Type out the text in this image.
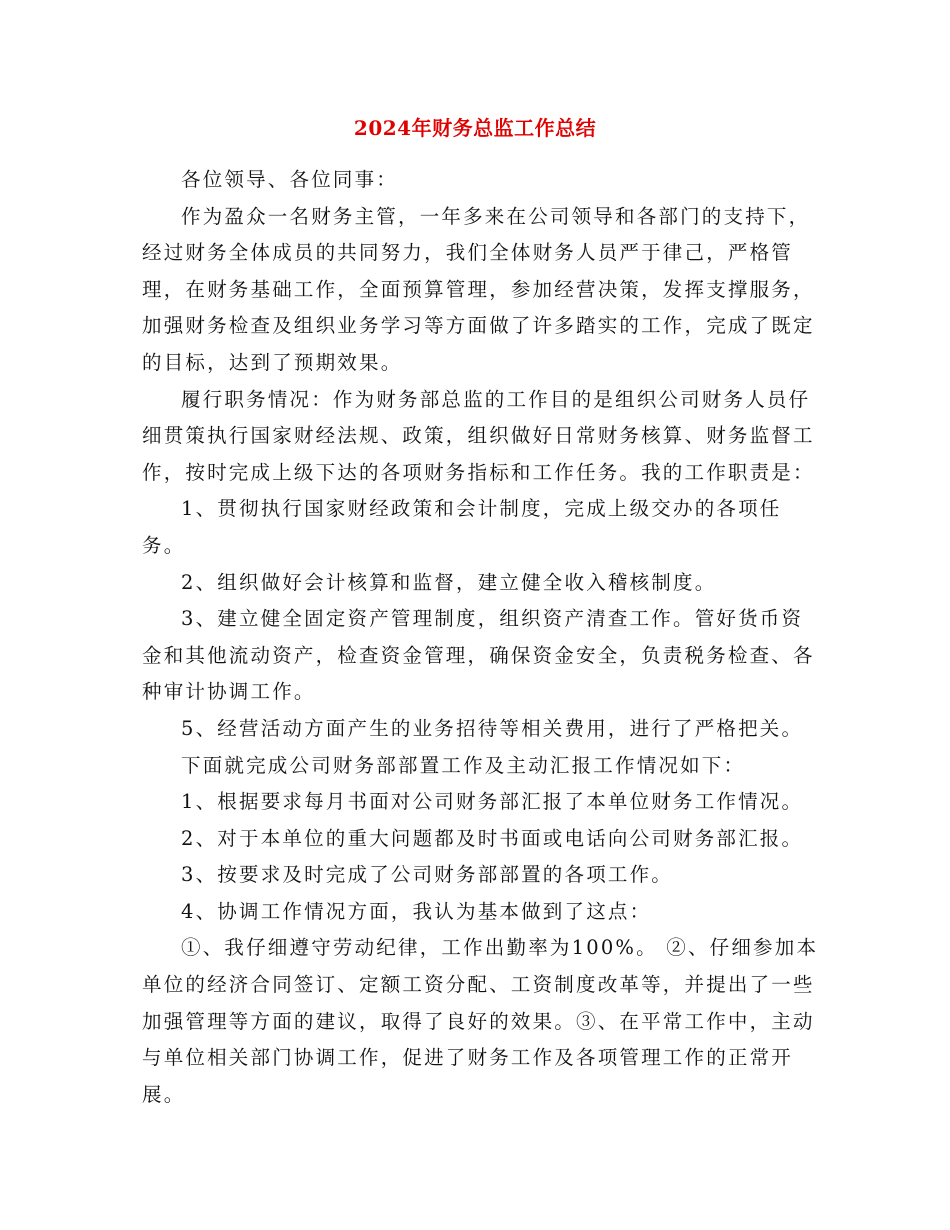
2024年财务总监工作总结

各位领导、各位同事：

作为盈众一名财务主管，一年多来在公司领导和各部门的支持下，经过财务全体成员的共同努力，我们全体财务人员严于律己，严格管理，在财务基础工作，全面预算管理，参加经营决策，发挥支撑服务，加强财务检查及组织业务学习等方面做了许多踏实的工作，完成了既定的目标，达到了预期效果。

履行职务情况：作为财务部总监的工作目的是组织公司财务人员仔细贯策执行国家财经法规、政策，组织做好日常财务核算、财务监督工作，按时完成上级下达的各项财务指标和工作任务。我的工作职责是：

1、贯彻执行国家财经政策和会计制度，完成上级交办的各项任务。

2、组织做好会计核算和监督，建立健全收入稽核制度。

3、建立健全固定资产管理制度，组织资产清查工作。管好货币资金和其他流动资产，检查资金管理，确保资金安全，负责税务检查、各种审计协调工作。

5、经营活动方面产生的业务招待等相关费用，进行了严格把关。

下面就完成公司财务部部置工作及主动汇报工作情况如下：

1、根据要求每月书面对公司财务部汇报了本单位财务工作情况。

2、对于本单位的重大问题都及时书面或电话向公司财务部汇报。

3、按要求及时完成了公司财务部部置的各项工作。

4、协调工作情况方面，我认为基本做到了这点：

①、我仔细遵守劳动纪律，工作出勤率为100%。 ②、仔细参加本单位的经济合同签订、定额工资分配、工资制度改革等，并提出了一些加强管理等方面的建议，取得了良好的效果。③、在平常工作中，主动与单位相关部门协调工作，促进了财务工作及各项管理工作的正常开展。
